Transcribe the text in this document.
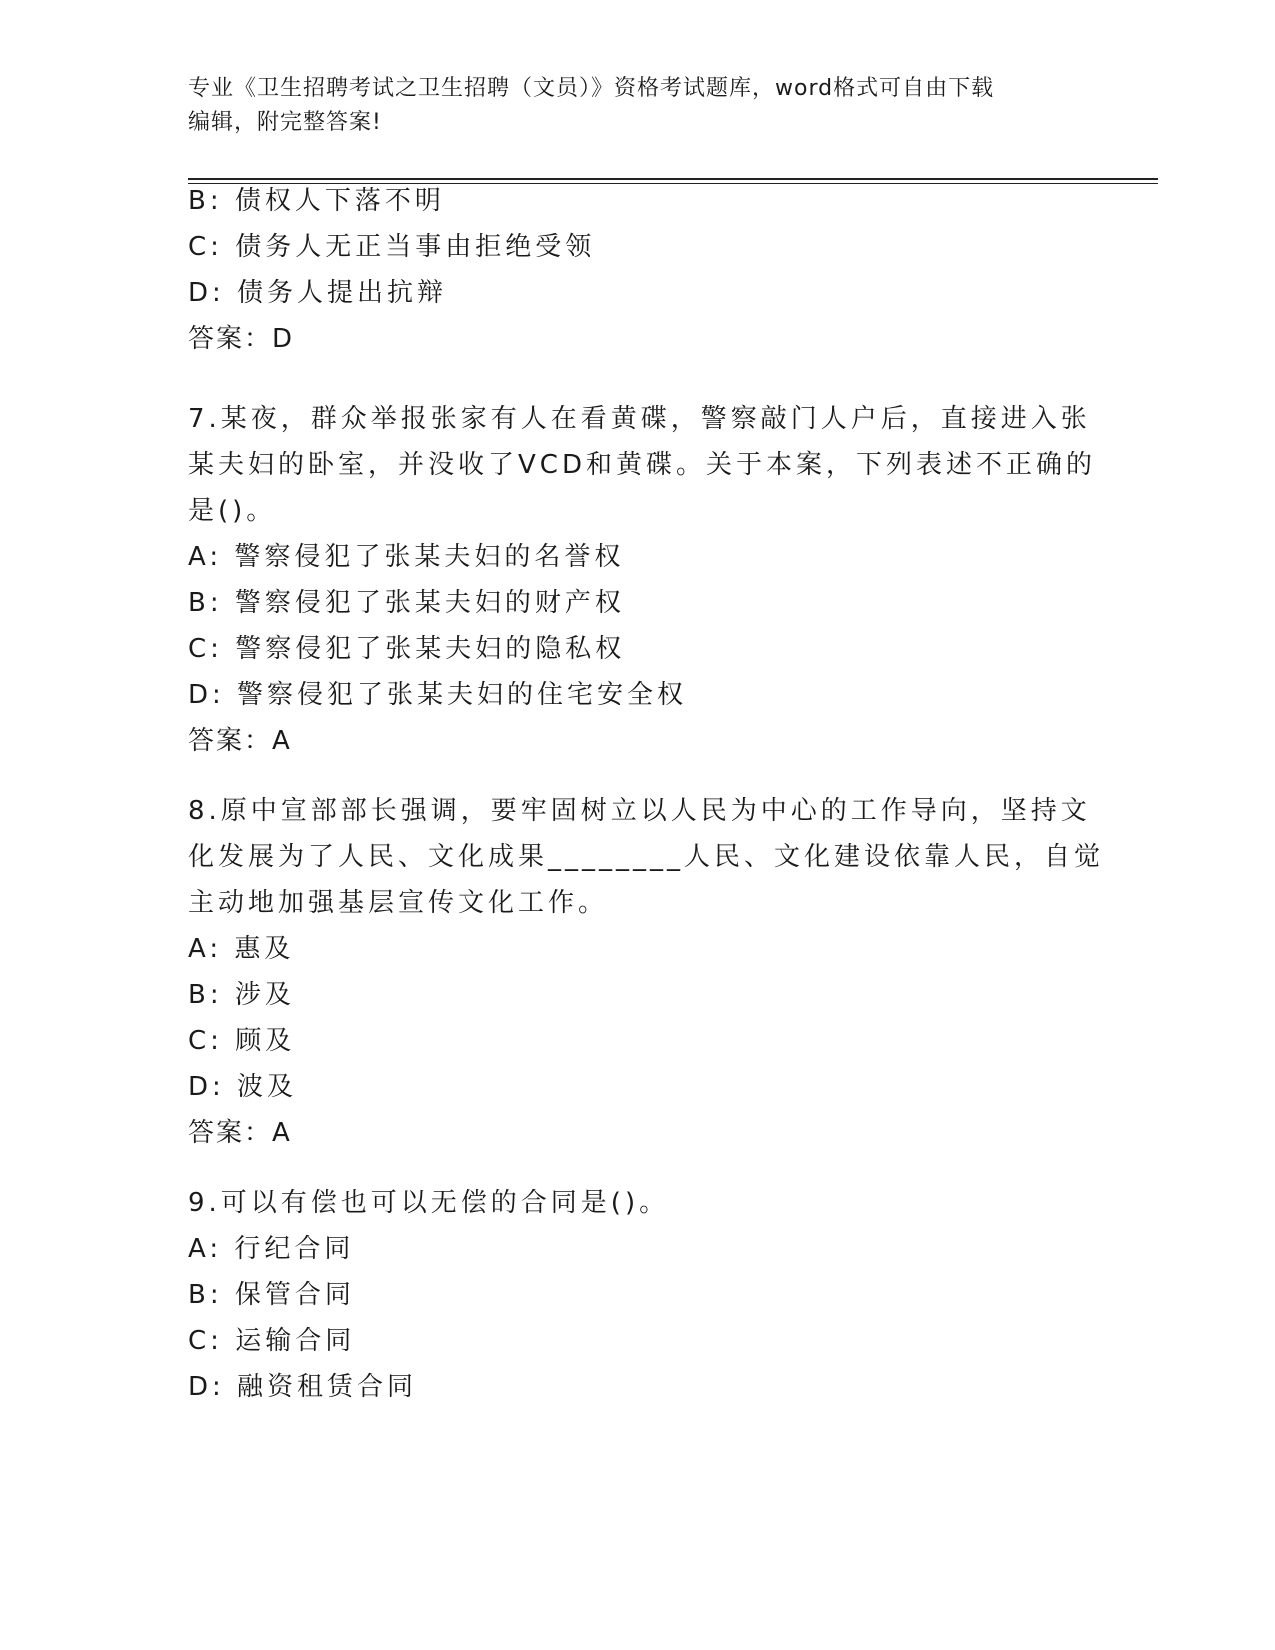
专业《卫生招聘考试之卫生招聘（文员）》资格考试题库，word格式可自由下载
编辑，附完整答案!
B: 债权人下落不明
C: 债务人无正当事由拒绝受领
D: 债务人提出抗辩
答案：D
7.某夜，群众举报张家有人在看黄碟，警察敲门人户后，直接进入张
某夫妇的卧室，并没收了VCD和黄碟。关于本案，下列表述不正确的
是()。
A: 警察侵犯了张某夫妇的名誉权
B: 警察侵犯了张某夫妇的财产权
C: 警察侵犯了张某夫妇的隐私权
D: 警察侵犯了张某夫妇的住宅安全权
答案：A
8.原中宣部部长强调，要牢固树立以人民为中心的工作导向，坚持文
化发展为了人民、文化成果________人民、文化建设依靠人民，自觉
主动地加强基层宣传文化工作。
A: 惠及
B: 涉及
C: 顾及
D: 波及
答案：A
9.可以有偿也可以无偿的合同是()。
A: 行纪合同
B: 保管合同
C: 运输合同
D: 融资租赁合同
